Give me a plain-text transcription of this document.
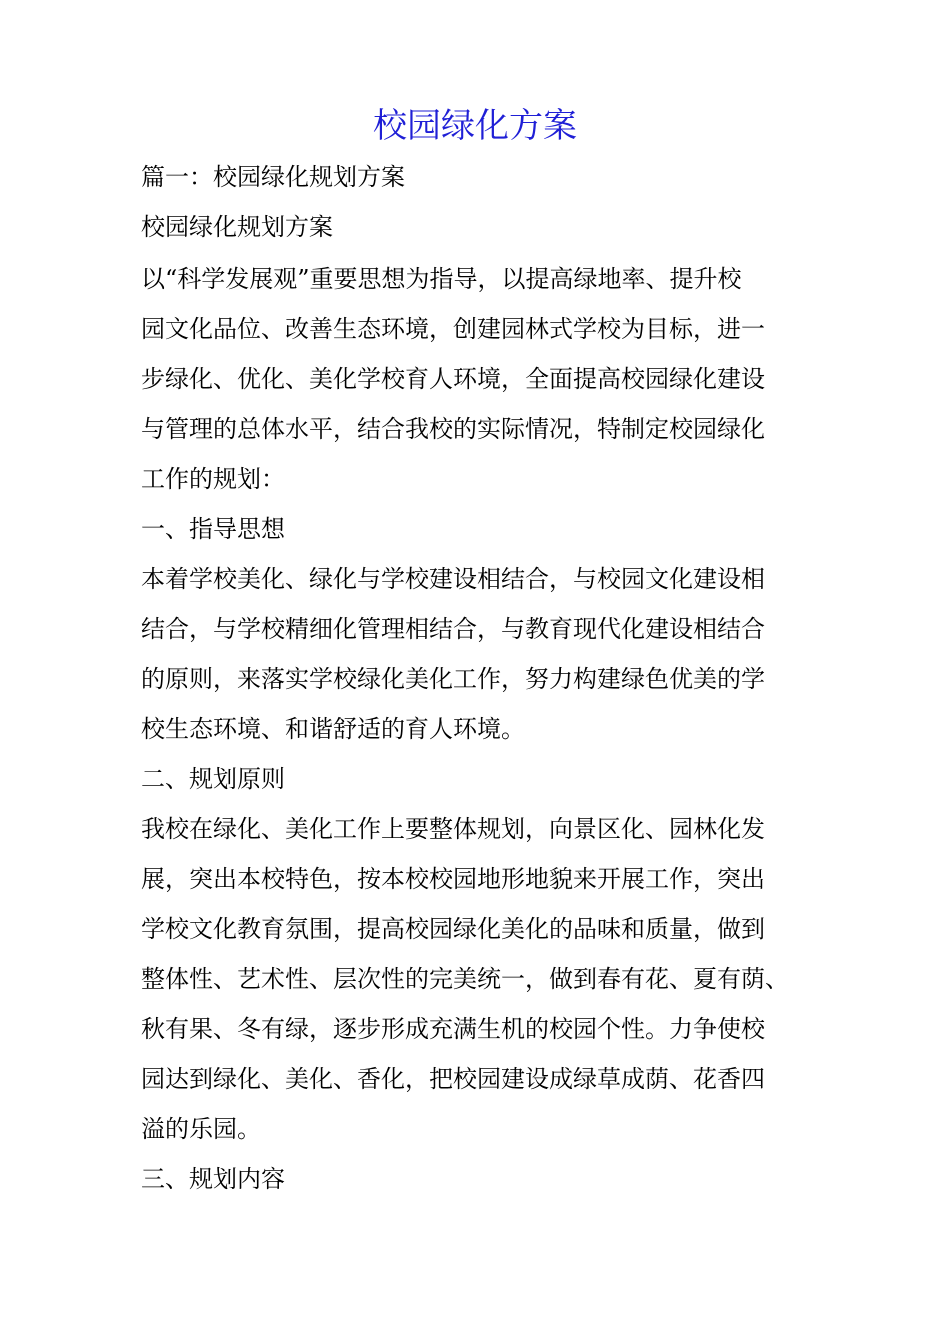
校园绿化方案
篇一：校园绿化规划方案
校园绿化规划方案
以“科学发展观”重要思想为指导，以提高绿地率、提升校
园文化品位、改善生态环境，创建园林式学校为目标，进一
步绿化、优化、美化学校育人环境，全面提高校园绿化建设
与管理的总体水平，结合我校的实际情况，特制定校园绿化
工作的规划：
一、指导思想
本着学校美化、绿化与学校建设相结合，与校园文化建设相
结合，与学校精细化管理相结合，与教育现代化建设相结合
的原则，来落实学校绿化美化工作，努力构建绿色优美的学
校生态环境、和谐舒适的育人环境。
二、规划原则
我校在绿化、美化工作上要整体规划，向景区化、园林化发
展，突出本校特色，按本校校园地形地貌来开展工作，突出
学校文化教育氛围，提高校园绿化美化的品味和质量，做到
整体性、艺术性、层次性的完美统一，做到春有花、夏有荫、
秋有果、冬有绿，逐步形成充满生机的校园个性。力争使校
园达到绿化、美化、香化，把校园建设成绿草成荫、花香四
溢的乐园。
三、规划内容
